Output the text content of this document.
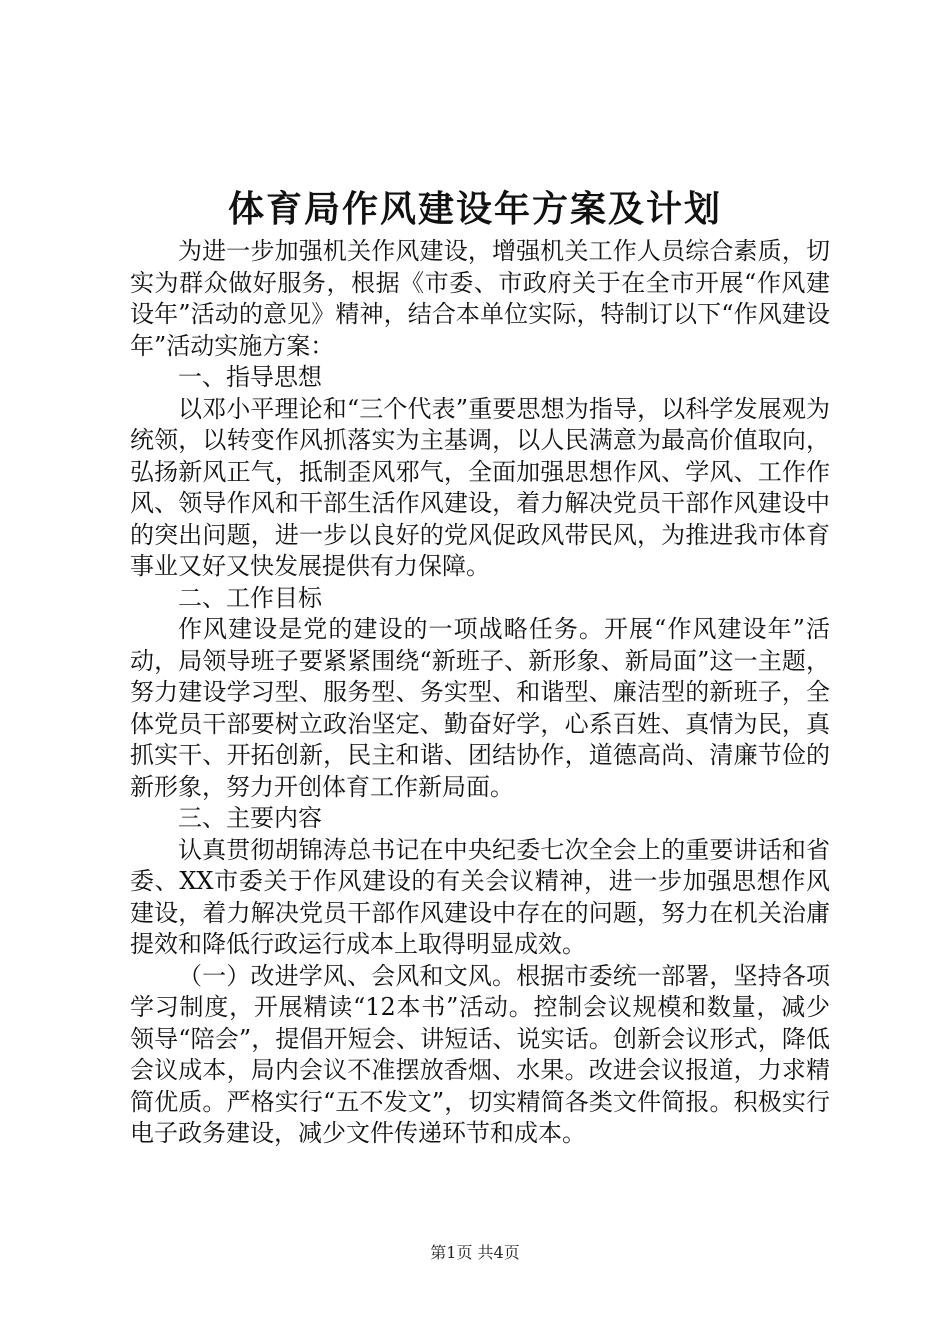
体育局作风建设年方案及计划

为进一步加强机关作风建设，增强机关工作人员综合素质，切实为群众做好服务，根据《市委、市政府关于在全市开展“作风建设年”活动的意见》精神，结合本单位实际，特制订以下“作风建设年”活动实施方案：

一、指导思想

以邓小平理论和“三个代表”重要思想为指导，以科学发展观为统领，以转变作风抓落实为主基调，以人民满意为最高价值取向，弘扬新风正气，抵制歪风邪气，全面加强思想作风、学风、工作作风、领导作风和干部生活作风建设，着力解决党员干部作风建设中的突出问题，进一步以良好的党风促政风带民风，为推进我市体育事业又好又快发展提供有力保障。

二、工作目标

作风建设是党的建设的一项战略任务。开展“作风建设年”活动，局领导班子要紧紧围绕“新班子、新形象、新局面”这一主题，努力建设学习型、服务型、务实型、和谐型、廉洁型的新班子，全体党员干部要树立政治坚定、勤奋好学，心系百姓、真情为民，真抓实干、开拓创新，民主和谐、团结协作，道德高尚、清廉节俭的新形象，努力开创体育工作新局面。

三、主要内容

认真贯彻胡锦涛总书记在中央纪委七次全会上的重要讲话和省委、XX市委关于作风建设的有关会议精神，进一步加强思想作风建设，着力解决党员干部作风建设中存在的问题，努力在机关治庸提效和降低行政运行成本上取得明显成效。

（一）改进学风、会风和文风。根据市委统一部署，坚持各项学习制度，开展精读“12本书”活动。控制会议规模和数量，减少领导“陪会”，提倡开短会、讲短话、说实话。创新会议形式，降低会议成本，局内会议不准摆放香烟、水果。改进会议报道，力求精简优质。严格实行“五不发文”，切实精简各类文件简报。积极实行电子政务建设，减少文件传递环节和成本。

第1页 共4页
